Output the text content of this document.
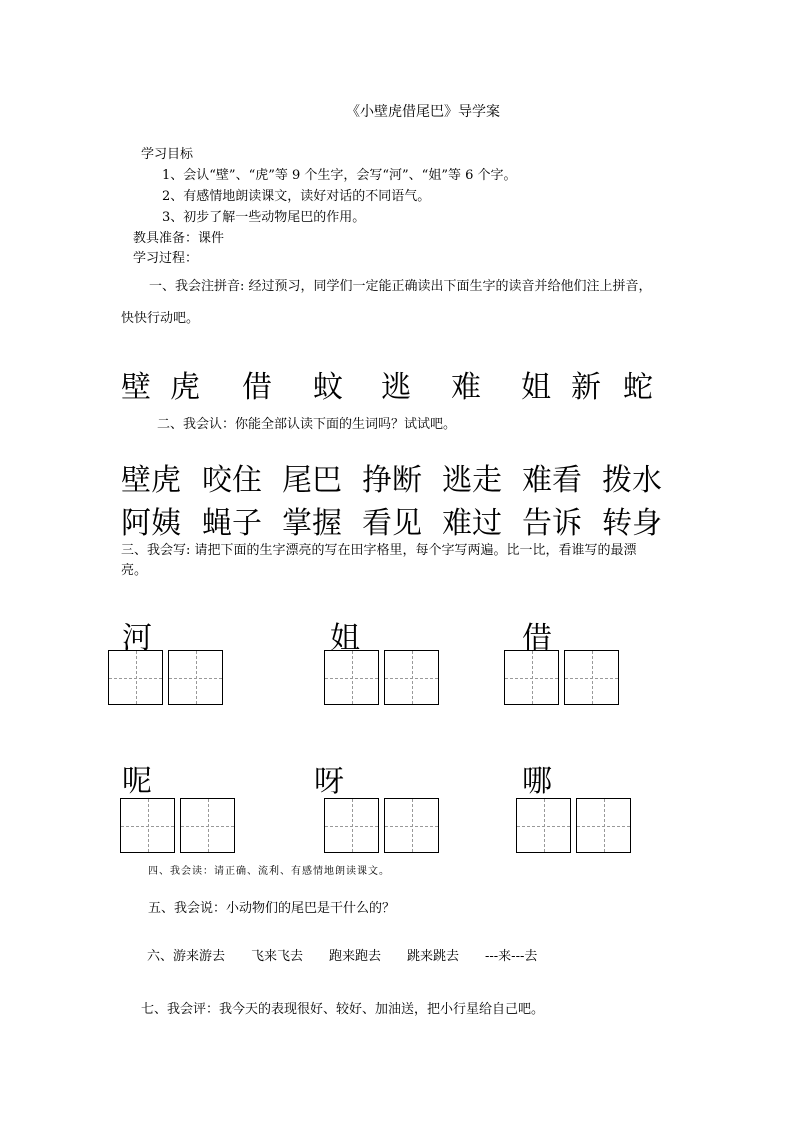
《小壁虎借尾巴》导学案
学习目标
1、会认“壁”、“虎”等 9 个生字，会写“河”、“姐”等 6 个字。
2、有感情地朗读课文，读好对话的不同语气。
3、初步了解一些动物尾巴的作用。
教具准备：课件
学习过程：
一、我会注拼音: 经过预习，同学们一定能正确读出下面生字的读音并给他们注上拼音，
快快行动吧。
壁 虎 借 蚊 逃 难 姐 新 蛇
二、我会认：你能全部认读下面的生词吗？试试吧。
壁虎 咬住 尾巴 挣断 逃走 难看 拨水
阿姨 蝇子 掌握 看见 难过 告诉 转身
三、我会写: 请把下面的生字漂亮的写在田字格里，每个字写两遍。比一比，看谁写的最漂
亮。
河	姐	借
呢	呀	哪
四、我会读：请正确、流利、有感情地朗读课文。
五、我会说：小动物们的尾巴是干什么的？
六、游来游去　　飞来飞去　　跑来跑去　　跳来跳去　　---来---去
七、我会评：我今天的表现很好、较好、加油送，把小行星给自己吧。
